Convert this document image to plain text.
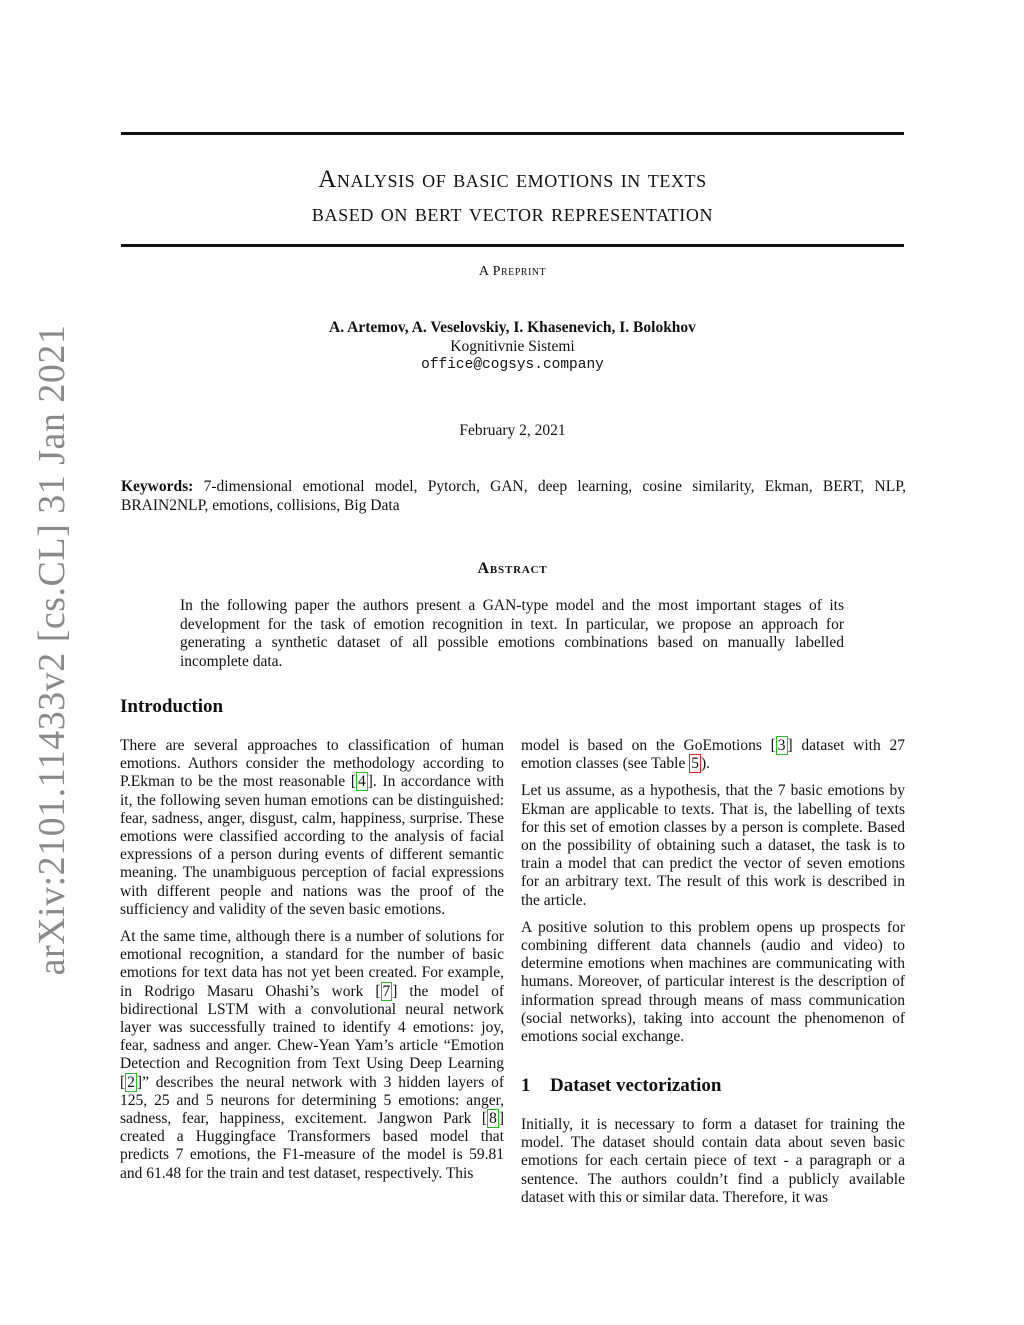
arXiv:2101.11433v2 [cs.CL] 31 Jan 2021
Analysis of basic emotions in texts
based on bert vector representation
A Preprint
A. Artemov, A. Veselovskiy, I. Khasenevich, I. Bolokhov
Kognitivnie Sistemi
office@cogsys.company
February 2, 2021
Keywords: 7-dimensional emotional model, Pytorch, GAN, deep learning, cosine similarity, Ekman, BERT, NLP, BRAIN2NLP, emotions, collisions, Big Data
Abstract
In the following paper the authors present a GAN-type model and the most important stages of its development for the task of emotion recognition in text. In particular, we propose an approach for generating a synthetic dataset of all possible emotions combinations based on manually labelled incomplete data.
Introduction

There are several approaches to classification of human emotions. Authors consider the methodology according to P.Ekman to be the most reasonable [ 4 ]. In accordance with it, the following seven human emotions can be distinguished: fear, sadness, anger, disgust, calm, happiness, surprise. These emotions were classified according to the analysis of facial expressions of a person during events of different semantic meaning. The unambiguous perception of facial expressions with different people and nations was the proof of the sufficiency and validity of the seven basic emotions.

At the same time, although there is a number of solutions for emotional recognition, a standard for the number of basic emotions for text data has not yet been created. For example, in Rodrigo Masaru Ohashi’s work [ 7 ] the model of bidirectional LSTM with a convolutional neural network layer was successfully trained to identify 4 emotions: joy, fear, sadness and anger. Chew-Yean Yam’s article “Emotion Detection and Recognition from Text Using Deep Learning [ 2 ]” describes the neural network with 3 hidden layers of 125, 25 and 5 neurons for determining 5 emotions: anger, sadness, fear, happiness, excitement. Jangwon Park [ 8 ] created a Huggingface Transformers based model that predicts 7 emotions, the F1-measure of the model is 59.81 and 61.48 for the train and test dataset, respectively. This

model is based on the GoEmotions [ 3 ] dataset with 27 emotion classes (see Table 5 ).

Let us assume, as a hypothesis, that the 7 basic emotions by Ekman are applicable to texts. That is, the labelling of texts for this set of emotion classes by a person is complete. Based on the possibility of obtaining such a dataset, the task is to train a model that can predict the vector of seven emotions for an arbitrary text. The result of this work is described in the article.

A positive solution to this problem opens up prospects for combining different data channels (audio and video) to determine emotions when machines are communicating with humans. Moreover, of particular interest is the description of information spread through means of mass communication (social networks), taking into account the phenomenon of emotions social exchange.

1 Dataset vectorization

Initially, it is necessary to form a dataset for training the model. The dataset should contain data about seven basic emotions for each certain piece of text - a paragraph or a sentence. The authors couldn’t find a publicly available dataset with this or similar data. Therefore, it was
